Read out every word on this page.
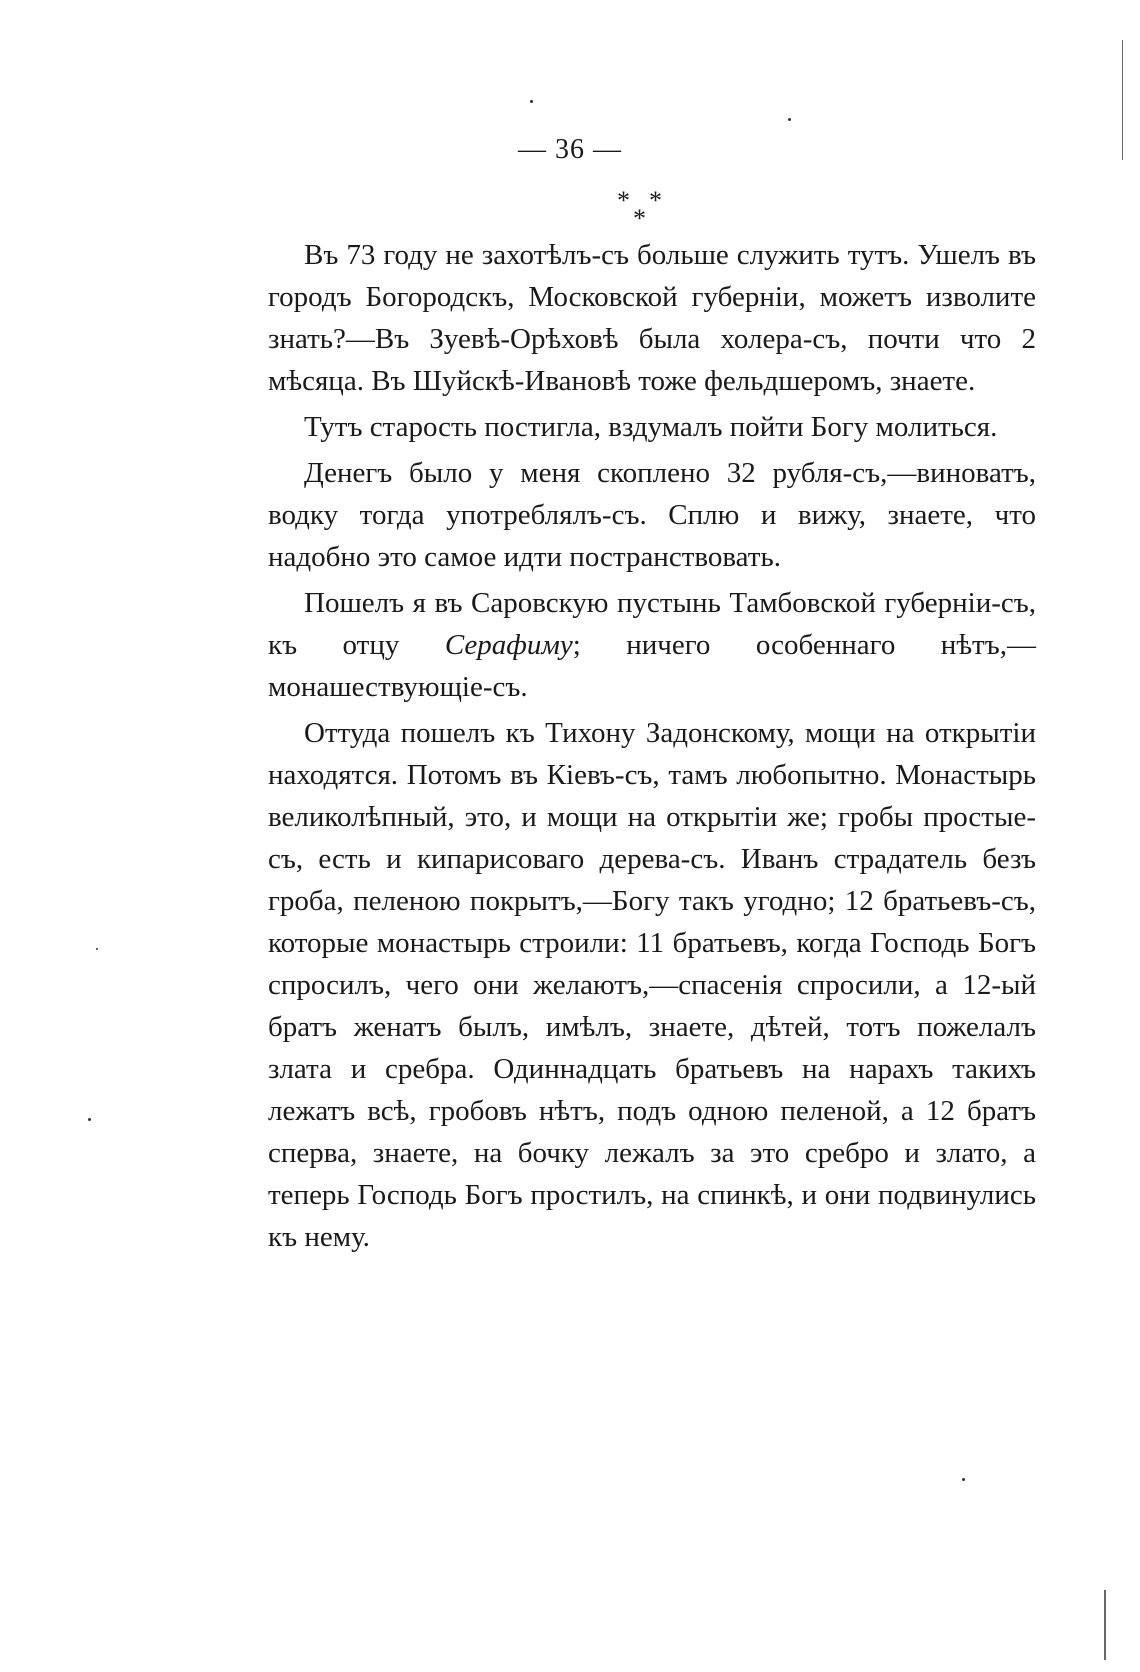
— 36 —
* *
*

Въ 73 году не захотѣлъ-съ больше служить тутъ. Ушелъ въ городъ Богородскъ, Московской губерніи, можетъ изволите знать?—Въ Зуевѣ-Орѣховѣ была холера-съ, почти что 2 мѣсяца. Въ Шуйскѣ-Ивановѣ тоже фельдшеромъ, знаете.

Тутъ старость постигла, вздумалъ пойти Богу молиться.

Денегъ было у меня скоплено 32 рубля-съ,—виноватъ, водку тогда употреблялъ-съ. Сплю и вижу, знаете, что надобно это самое идти постранствовать.

Пошелъ я въ Саровскую пустынь Тамбовской губерніи-съ, къ отцу Серафиму; ничего особеннаго нѣтъ,—монашествующіе-съ.

Оттуда пошелъ къ Тихону Задонскому, мощи на открытіи находятся. Потомъ въ Кіевъ-съ, тамъ любопытно. Монастырь великолѣпный, это, и мощи на открытіи же; гробы простые-съ, есть и кипарисоваго дерева-съ. Иванъ страдатель безъ гроба, пеленою покрытъ,—Богу такъ угодно; 12 братьевъ-съ, которые монастырь строили: 11 братьевъ, когда Господь Богъ спросилъ, чего они желаютъ,—спасенія спросили, а 12-ый братъ женатъ былъ, имѣлъ, знаете, дѣтей, тотъ пожелалъ злата и сребра. Одиннадцать братьевъ на нарахъ такихъ лежатъ всѣ, гробовъ нѣтъ, подъ одною пеленой, а 12 братъ сперва, знаете, на бочку лежалъ за это сребро и злато, а теперь Господь Богъ простилъ, на спинкѣ, и они подвинулись къ нему.
